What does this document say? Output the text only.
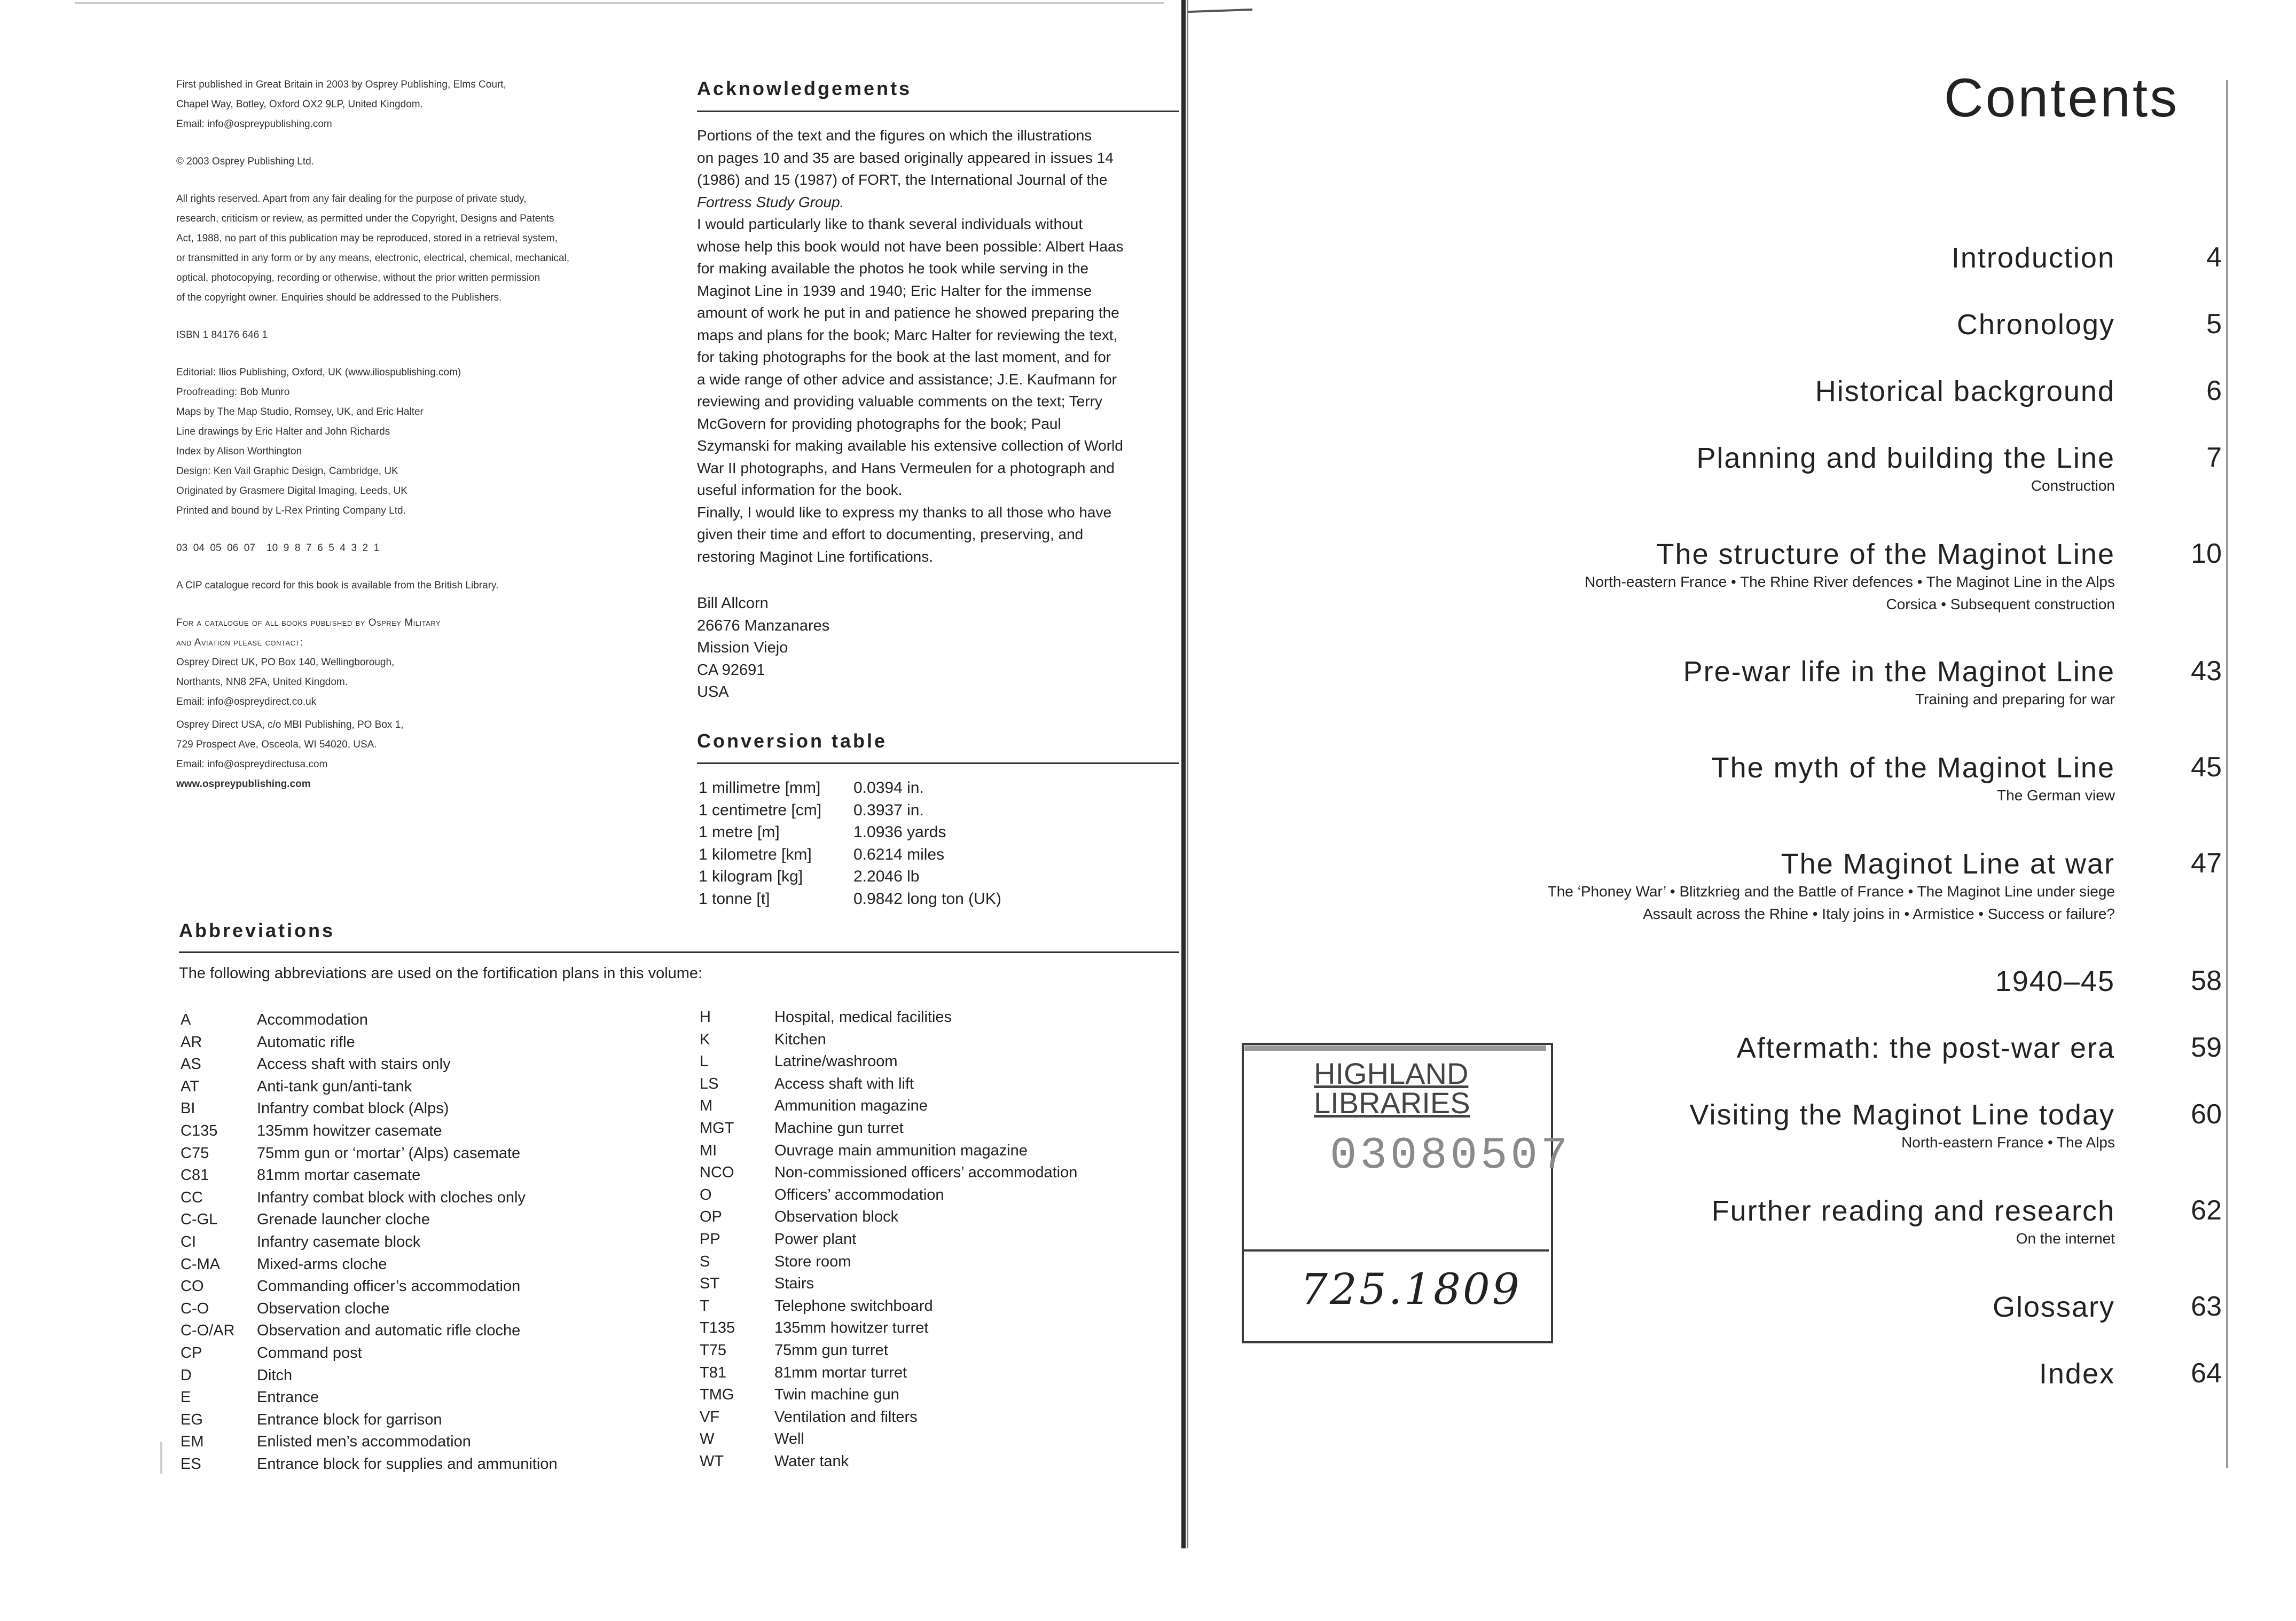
First published in Great Britain in 2003 by Osprey Publishing, Elms Court,

Chapel Way, Botley, Oxford OX2 9LP, United Kingdom.

Email: info@ospreypublishing.com

© 2003 Osprey Publishing Ltd.

All rights reserved. Apart from any fair dealing for the purpose of private study,

research, criticism or review, as permitted under the Copyright, Designs and Patents

Act, 1988, no part of this publication may be reproduced, stored in a retrieval system,

or transmitted in any form or by any means, electronic, electrical, chemical, mechanical,

optical, photocopying, recording or otherwise, without the prior written permission

of the copyright owner. Enquiries should be addressed to the Publishers.

ISBN 1 84176 646 1

Editorial: Ilios Publishing, Oxford, UK (www.iliospublishing.com)

Proofreading: Bob Munro

Maps by The Map Studio, Romsey, UK, and Eric Halter

Line drawings by Eric Halter and John Richards

Index by Alison Worthington

Design: Ken Vail Graphic Design, Cambridge, UK

Originated by Grasmere Digital Imaging, Leeds, UK

Printed and bound by L-Rex Printing Company Ltd.

03  04  05  06  07    10  9  8  7  6  5  4  3  2  1

A CIP catalogue record for this book is available from the British Library.

For a catalogue of all books published by Osprey Military

and Aviation please contact:

Osprey Direct UK, PO Box 140, Wellingborough,

Northants, NN8 2FA, United Kingdom.

Email: info@ospreydirect.co.uk

Osprey Direct USA, c/o MBI Publishing, PO Box 1,

729 Prospect Ave, Osceola, WI 54020, USA.

Email: info@ospreydirectusa.com

www.ospreypublishing.com

Acknowledgements

Portions of the text and the figures on which the illustrations

on pages 10 and 35 are based originally appeared in issues 14

(1986) and 15 (1987) of FORT, the International Journal of the

Fortress Study Group.

I would particularly like to thank several individuals without

whose help this book would not have been possible: Albert Haas

for making available the photos he took while serving in the

Maginot Line in 1939 and 1940; Eric Halter for the immense

amount of work he put in and patience he showed preparing the

maps and plans for the book; Marc Halter for reviewing the text,

for taking photographs for the book at the last moment, and for

a wide range of other advice and assistance; J.E. Kaufmann for

reviewing and providing valuable comments on the text; Terry

McGovern for providing photographs for the book; Paul

Szymanski for making available his extensive collection of World

War II photographs, and Hans Vermeulen for a photograph and

useful information for the book.

Finally, I would like to express my thanks to all those who have

given their time and effort to documenting, preserving, and

restoring Maginot Line fortifications.

Bill Allcorn

26676 Manzanares

Mission Viejo

CA 92691

USA

Conversion table
1 millimetre [mm]	0.0394 in.
1 centimetre [cm]	0.3937 in.
1 metre [m]	1.0936 yards
1 kilometre [km]	0.6214 miles
1 kilogram [kg]	2.2046 lb
1 tonne [t]	0.9842 long ton (UK)
Abbreviations
The following abbreviations are used on the fortification plans in this volume:
A	Accommodation
AR	Automatic rifle
AS	Access shaft with stairs only
AT	Anti-tank gun/anti-tank
BI	Infantry combat block (Alps)
C135	135mm howitzer casemate
C75	75mm gun or ‘mortar’ (Alps) casemate
C81	81mm mortar casemate
CC	Infantry combat block with cloches only
C-GL	Grenade launcher cloche
CI	Infantry casemate block
C-MA	Mixed-arms cloche
CO	Commanding officer’s accommodation
C-O	Observation cloche
C-O/AR	Observation and automatic rifle cloche
CP	Command post
D	Ditch
E	Entrance
EG	Entrance block for garrison
EM	Enlisted men’s accommodation
ES	Entrance block for supplies and ammunition
H	Hospital, medical facilities
K	Kitchen
L	Latrine/washroom
LS	Access shaft with lift
M	Ammunition magazine
MGT	Machine gun turret
MI	Ouvrage main ammunition magazine
NCO	Non-commissioned officers’ accommodation
O	Officers’ accommodation
OP	Observation block
PP	Power plant
S	Store room
ST	Stairs
T	Telephone switchboard
T135	135mm howitzer turret
T75	75mm gun turret
T81	81mm mortar turret
TMG	Twin machine gun
VF	Ventilation and filters
W	Well
WT	Water tank
Contents
Introduction	4
Chronology	5
Historical background	6
Planning and building the Line	7
Construction
The structure of the Maginot Line	10
North-eastern France • The Rhine River defences • The Maginot Line in the Alps
Corsica • Subsequent construction
Pre-war life in the Maginot Line	43
Training and preparing for war
The myth of the Maginot Line	45
The German view
The Maginot Line at war	47
The ‘Phoney War’ • Blitzkrieg and the Battle of France • The Maginot Line under siege
Assault across the Rhine • Italy joins in • Armistice • Success or failure?
1940–45	58
Aftermath: the post-war era	59
Visiting the Maginot Line today	60
North-eastern France • The Alps
Further reading and research	62
On the internet
Glossary	63
Index	64
HIGHLAND
LIBRARIES
03080507
725.1809
